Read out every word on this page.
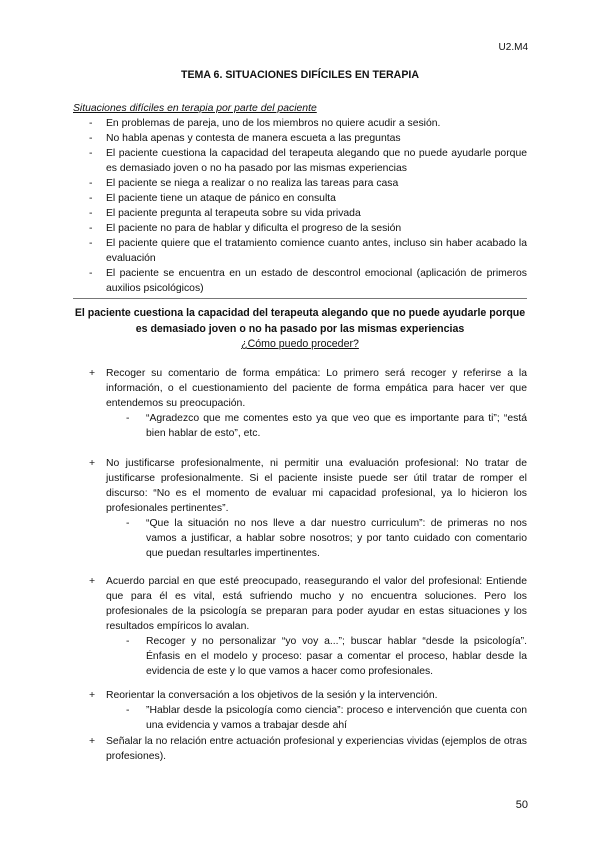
U2.M4
TEMA 6. SITUACIONES DIFÍCILES EN TERAPIA
Situaciones difíciles en terapia por parte del paciente
- En problemas de pareja, uno de los miembros no quiere acudir a sesión.
- No habla apenas y contesta de manera escueta a las preguntas
- El paciente cuestiona la capacidad del terapeuta alegando que no puede ayudarle porque es demasiado joven o no ha pasado por las mismas experiencias
- El paciente se niega a realizar o no realiza las tareas para casa
- El paciente tiene un ataque de pánico en consulta
- El paciente pregunta al terapeuta sobre su vida privada
- El paciente no para de hablar y dificulta el progreso de la sesión
- El paciente quiere que el tratamiento comience cuanto antes, incluso sin haber acabado la evaluación
- El paciente se encuentra en un estado de descontrol emocional (aplicación de primeros auxilios psicológicos)
El paciente cuestiona la capacidad del terapeuta alegando que no puede ayudarle porque es demasiado joven o no ha pasado por las mismas experiencias
¿Cómo puedo proceder?
+ Recoger su comentario de forma empática: Lo primero será recoger y referirse a la información, o el cuestionamiento del paciente de forma empática para hacer ver que entendemos su preocupación.
- “Agradezco que me comentes esto ya que veo que es importante para ti”; “está bien hablar de esto”, etc.
+ No justificarse profesionalmente, ni permitir una evaluación profesional: No tratar de justificarse profesionalmente. Si el paciente insiste puede ser útil tratar de romper el discurso: “No es el momento de evaluar mi capacidad profesional, ya lo hicieron los profesionales pertinentes”.
- “Que la situación no nos lleve a dar nuestro curriculum”: de primeras no nos vamos a justificar, a hablar sobre nosotros; y por tanto cuidado con comentario que puedan resultarles impertinentes.
+ Acuerdo parcial en que esté preocupado, reasegurando el valor del profesional: Entiende que para él es vital, está sufriendo mucho y no encuentra soluciones. Pero los profesionales de la psicología se preparan para poder ayudar en estas situaciones y los resultados empíricos lo avalan.
- Recoger y no personalizar “yo voy a...”; buscar hablar “desde la psicología”. Énfasis en el modelo y proceso: pasar a comentar el proceso, hablar desde la evidencia de este y lo que vamos a hacer como profesionales.
+ Reorientar la conversación a los objetivos de la sesión y la intervención.
- ”Hablar desde la psicología como ciencia”: proceso e intervención que cuenta con una evidencia y vamos a trabajar desde ahí
+ Señalar la no relación entre actuación profesional y experiencias vividas (ejemplos de otras profesiones).
50
